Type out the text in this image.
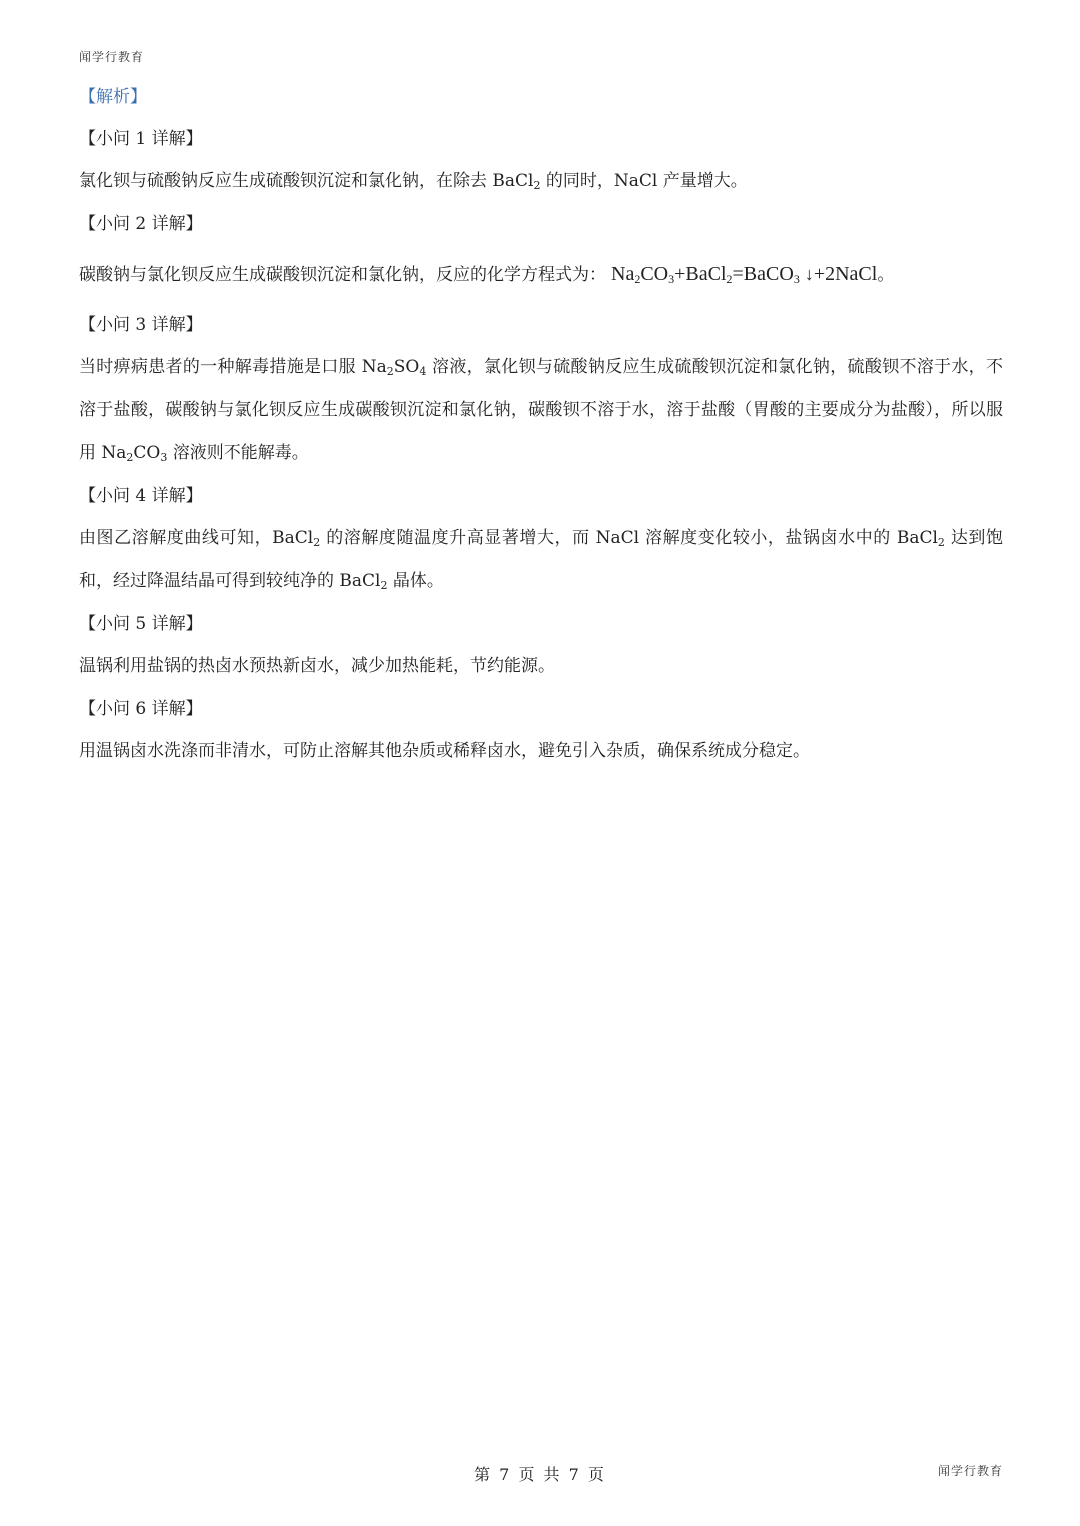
闻学行教育
【解析】
【小问 1 详解】

氯化钡与硫酸钠反应生成硫酸钡沉淀和氯化钠，在除去 BaCl$_2$ 的同时，NaCl 产量增大。

【小问 2 详解】

碳酸钠与氯化钡反应生成碳酸钡沉淀和氯化钠，反应的化学方程式为： $Na_2CO_3+BaCl_2=BaCO_3$ ↓+2NaCl。

【小问 3 详解】

当时痹病患者的一种解毒措施是口服 $Na_2SO_4$ 溶液，氯化钡与硫酸钠反应生成硫酸钡沉淀和氯化钠，硫酸钡不溶于水，不溶于盐酸，碳酸钠与氯化钡反应生成碳酸钡沉淀和氯化钠，碳酸钡不溶于水，溶于盐酸（胃酸的主要成分为盐酸），所以服用 $Na_2CO_3$ 溶液则不能解毒。

【小问 4 详解】

由图乙溶解度曲线可知，BaCl$_2$ 的溶解度随温度升高显著增大，而 NaCl 溶解度变化较小，盐锅卤水中的 BaCl$_2$ 达到饱和，经过降温结晶可得到较纯净的 BaCl$_2$ 晶体。

【小问 5 详解】

温锅利用盐锅的热卤水预热新卤水，减少加热能耗，节约能源。

【小问 6 详解】

用温锅卤水洗涤而非清水，可防止溶解其他杂质或稀释卤水，避免引入杂质，确保系统成分稳定。

第 7 页 共 7 页	闻学行教育
